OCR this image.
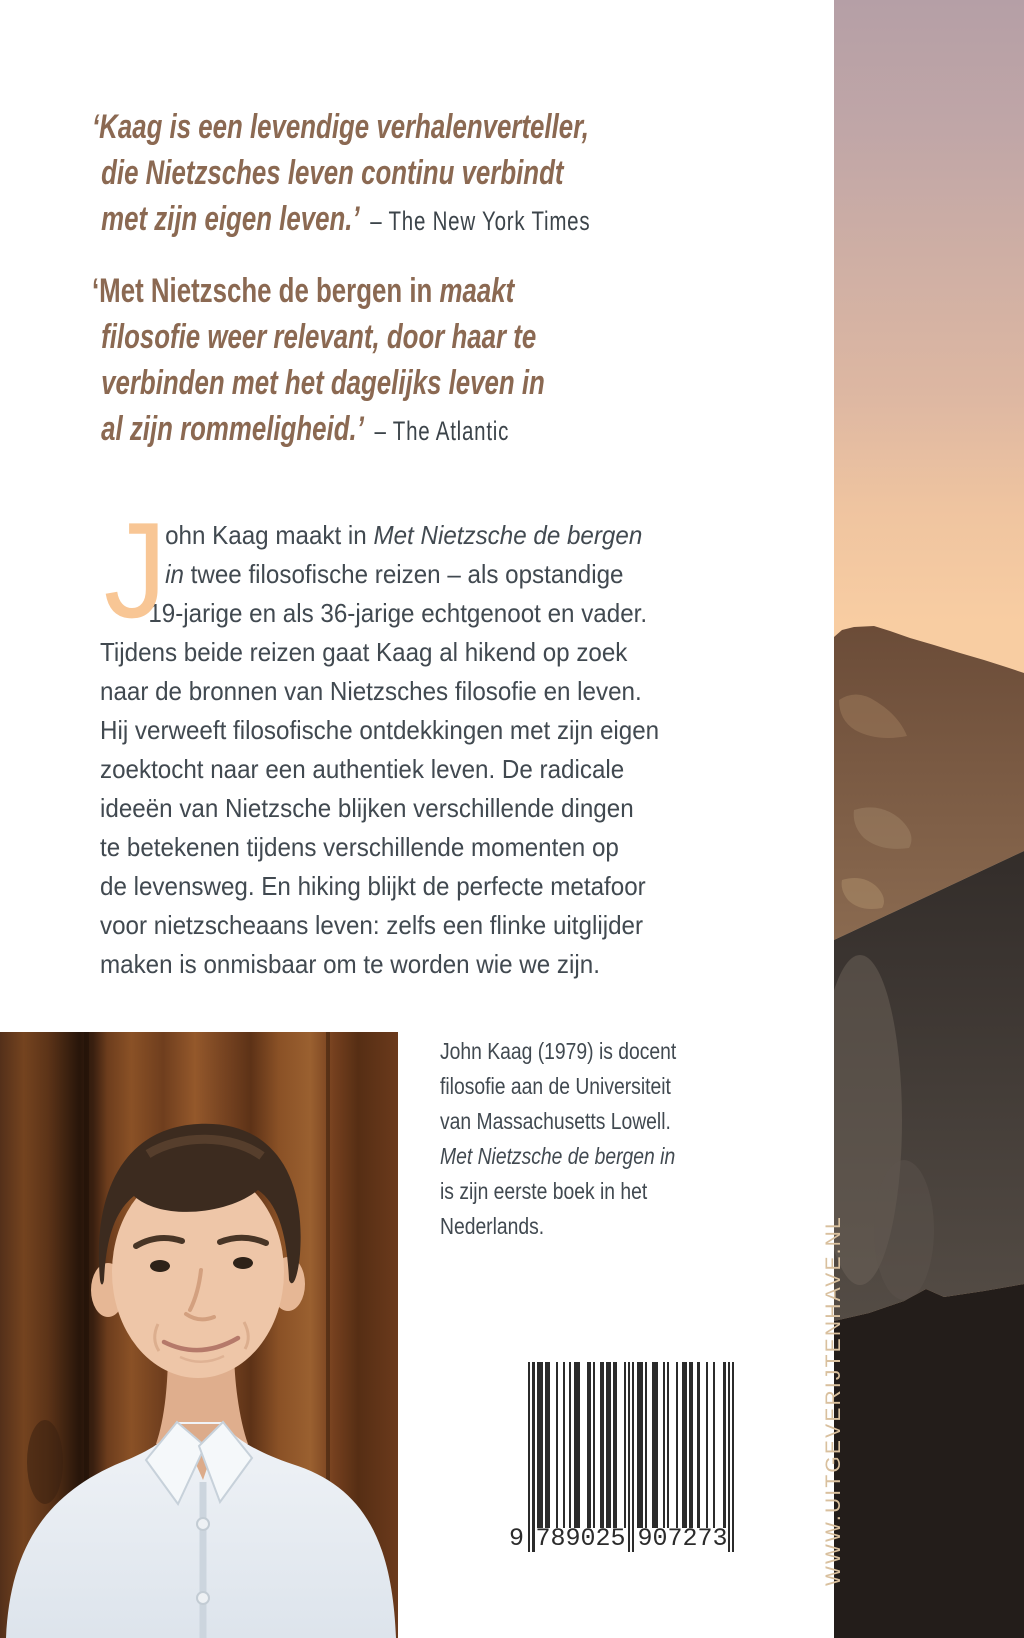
‘Kaag is een levendige verhalenverteller,
die Nietzsches leven continu verbindt
met zijn eigen leven.’ – The New York Times
‘Met Nietzsche de bergen in maakt
filosofie weer relevant, door haar te
verbinden met het dagelijks leven in
al zijn rommeligheid.’ – The Atlantic
J
ohn Kaag maakt in Met Nietzsche de bergen
in twee filosofische reizen – als opstandige
19-jarige en als 36-jarige echtgenoot en vader.
Tijdens beide reizen gaat Kaag al hikend op zoek
naar de bronnen van Nietzsches filosofie en leven.
Hij verweeft filosofische ontdekkingen met zijn eigen
zoektocht naar een authentiek leven. De radicale
ideeën van Nietzsche blijken verschillende dingen
te betekenen tijdens verschillende momenten op
de levensweg. En hiking blijkt de perfecte metafoor
voor nietzscheaans leven: zelfs een flinke uitglijder
maken is onmisbaar om te worden wie we zijn.
John Kaag (1979) is docent
filosofie aan de Universiteit
van Massachusetts Lowell.
Met Nietzsche de bergen in
is zijn eerste boek in het
Nederlands.
9 789025 907273	WWW.UITGEVERIJTENHAVE.NL
